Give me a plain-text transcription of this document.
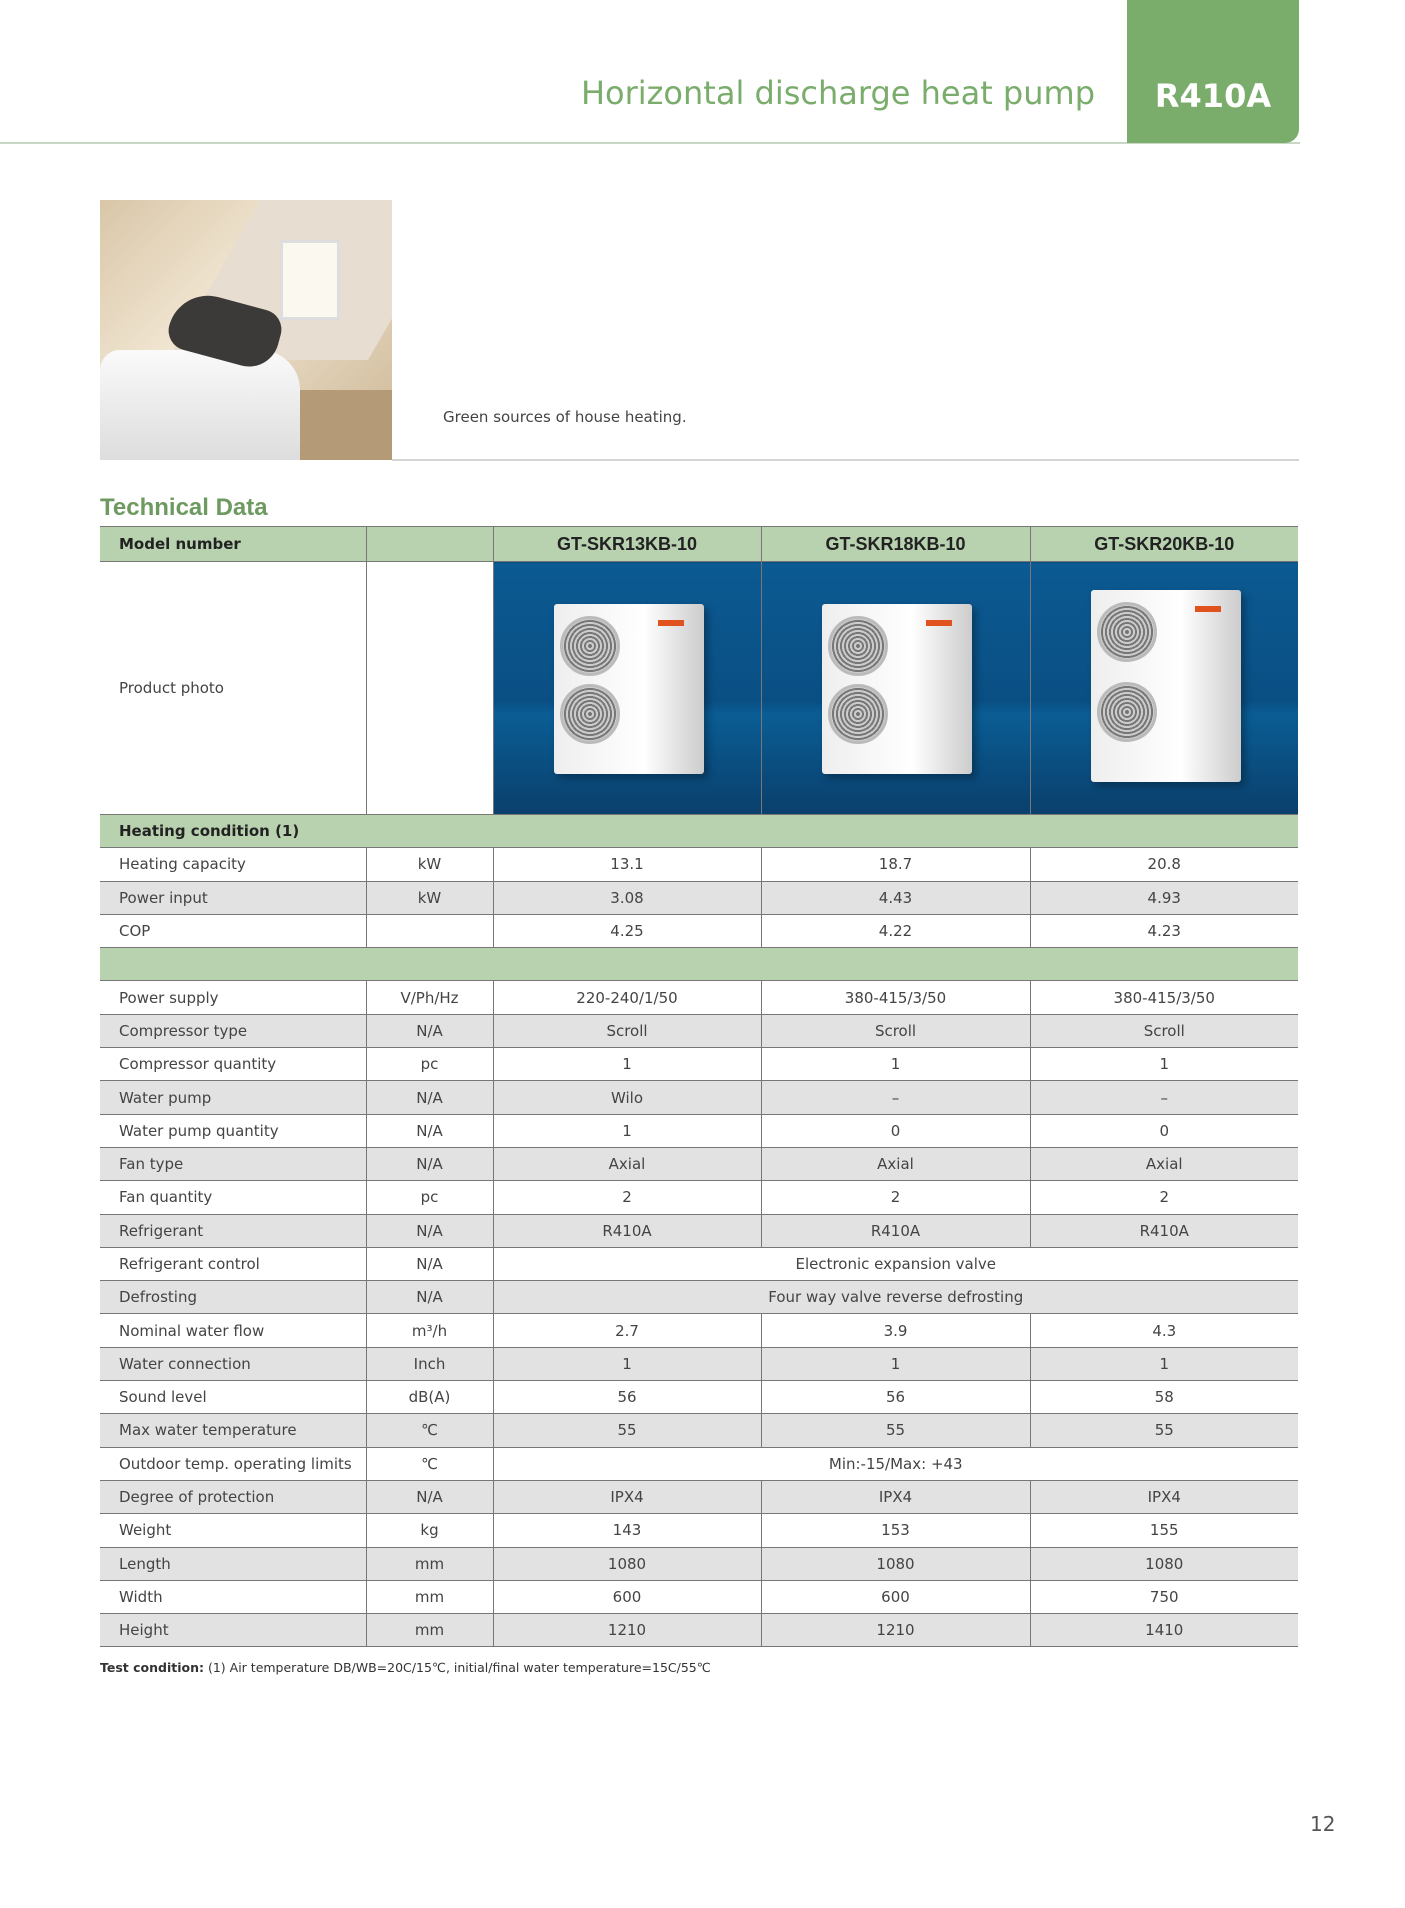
Horizontal discharge heat pump	R410A
Green sources of house heating.
Technical Data
Model number		GT-SKR13KB-10	GT-SKR18KB-10	GT-SKR20KB-10
Product photo		

Heating condition (1)				
Heating capacity	kW	13.1	18.7	20.8
Power input	kW	3.08	4.43	4.93
COP		4.25	4.22	4.23

Power supply	V/Ph/Hz	220-240/1/50	380-415/3/50	380-415/3/50
Compressor type	N/A	Scroll	Scroll	Scroll
Compressor quantity	pc	1	1	1
Water pump	N/A	Wilo	–	–
Water pump quantity	N/A	1	0	0
Fan type	N/A	Axial	Axial	Axial
Fan quantity	pc	2	2	2
Refrigerant	N/A	R410A	R410A	R410A
Refrigerant control	N/A	Electronic expansion valve		
Defrosting	N/A	Four way valve reverse defrosting		
Nominal water flow	m³/h	2.7	3.9	4.3
Water connection	Inch	1	1	1
Sound level	dB(A)	56	56	58
Max water temperature	℃	55	55	55
Outdoor temp. operating limits	℃	Min:-15/Max: +43		
Degree of protection	N/A	IPX4	IPX4	IPX4
Weight	kg	143	153	155
Length	mm	1080	1080	1080
Width	mm	600	600	750
Height	mm	1210	1210	1410
Test condition: (1) Air temperature DB/WB=20C/15℃, initial/final water temperature=15C/55℃
12
